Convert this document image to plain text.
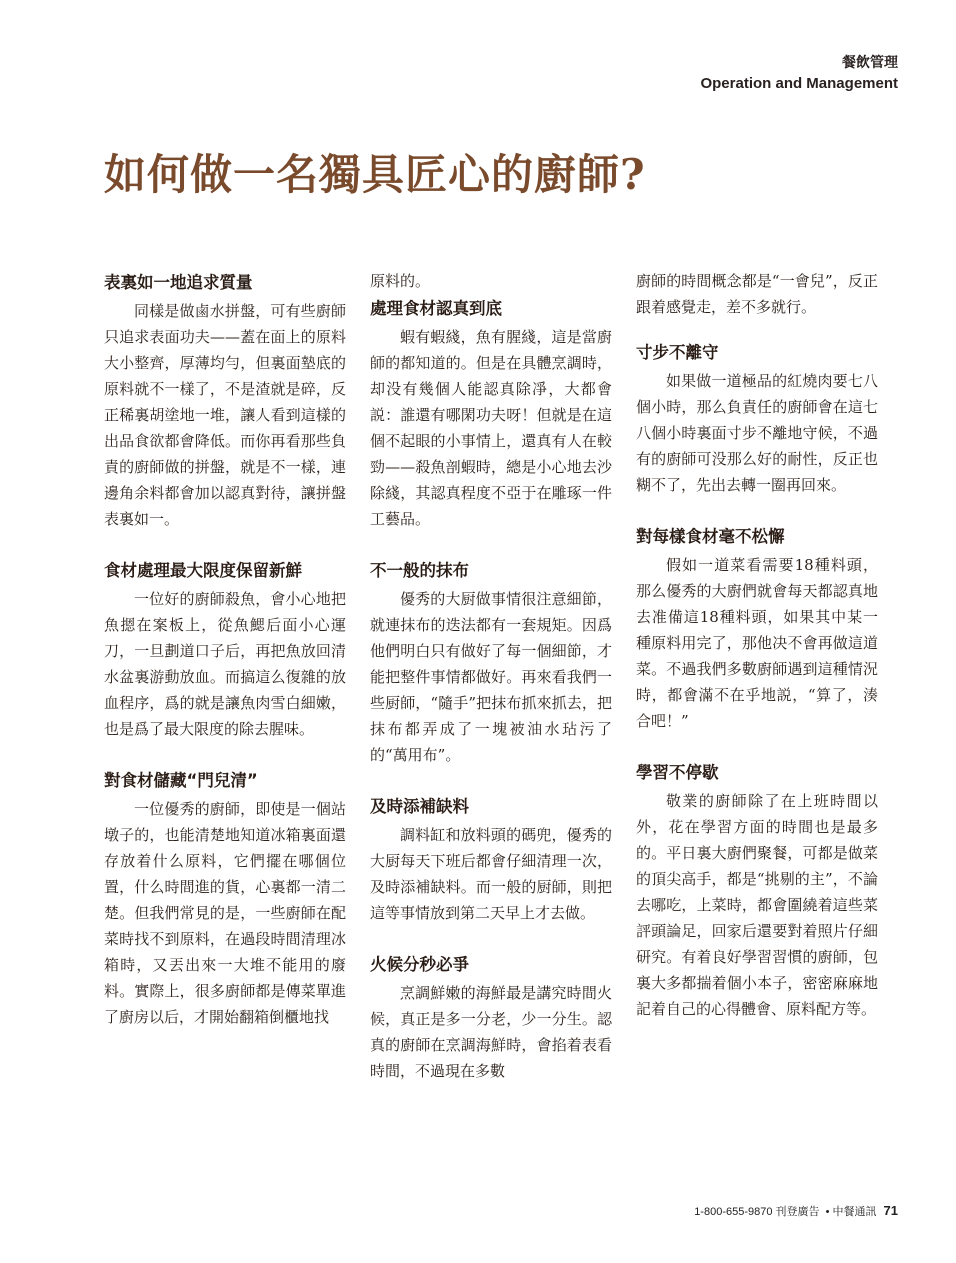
餐飲管理
Operation and Management
如何做一名獨具匠心的廚師?
表裏如一地追求質量
同樣是做鹵水拼盤，可有些廚師只追求表面功夫——蓋在面上的原料大小整齊，厚薄均勻，但裏面墊底的原料就不一樣了，不是渣就是碎，反正稀裏胡塗地一堆，讓人看到這樣的出品食欲都會降低。而你再看那些負責的廚師做的拼盤，就是不一樣，連邊角余料都會加以認真對待，讓拼盤表裏如一。
食材處理最大限度保留新鮮
一位好的廚師殺魚，會小心地把魚摁在案板上，從魚鰓后面小心運刀，一旦劃道口子后，再把魚放回清水盆裏游動放血。而搞這么復雜的放血程序，爲的就是讓魚肉雪白細嫩，也是爲了最大限度的除去腥味。
對食材儲藏“門兒清”
一位優秀的廚師，即使是一個站墩子的，也能清楚地知道冰箱裏面還存放着什么原料，它們擺在哪個位置，什么時間進的貨，心裏都一清二楚。但我們常見的是，一些廚師在配菜時找不到原料，在過段時間清理冰箱時，又丟出來一大堆不能用的廢料。實際上，很多廚師都是傳菜單進了廚房以后，才開始翻箱倒櫃地找
原料的。
處理食材認真到底
蝦有蝦綫，魚有腥綫，這是當廚師的都知道的。但是在具體烹調時，却没有幾個人能認真除凈，大都會説：誰還有哪閑功夫呀！但就是在這個不起眼的小事情上，還真有人在較勁——殺魚剖蝦時，總是小心地去沙除綫，其認真程度不亞于在雕琢一件工藝品。
不一般的抹布
優秀的大厨做事情很注意細節，就連抹布的迭法都有一套規矩。因爲他們明白只有做好了每一個細節，才能把整件事情都做好。再來看我們一些厨師，“隨手”把抹布抓來抓去，把抹布都弄成了一塊被油水玷污了的“萬用布”。
及時添補缺料
調料缸和放料頭的碼兜，優秀的大厨每天下班后都會仔細清理一次，及時添補缺料。而一般的厨師，則把這等事情放到第二天早上才去做。
火候分秒必爭
烹調鮮嫩的海鮮最是講究時間火候，真正是多一分老，少一分生。認真的廚師在烹調海鮮時，會掐着表看時間，不過現在多數
廚師的時間概念都是“一會兒”，反正跟着感覺走，差不多就行。
寸步不離守
如果做一道極品的紅燒肉要七八個小時，那么負責任的廚師會在這七八個小時裏面寸步不離地守候，不過有的廚師可没那么好的耐性，反正也糊不了，先出去轉一圈再回來。
對每樣食材毫不松懈
假如一道菜看需要18種料頭，那么優秀的大廚們就會每天都認真地去准備這18種料頭，如果其中某一種原料用完了，那他决不會再做這道菜。不過我們多數廚師遇到這種情況時，都會滿不在乎地説，“算了，湊合吧！”
學習不停歇
敬業的廚師除了在上班時間以外，花在學習方面的時間也是最多的。平日裏大廚們聚餐，可都是做菜的頂尖高手，都是“挑剔的主”，不論去哪吃，上菜時，都會圍繞着這些菜評頭論足，回家后還要對着照片仔細研究。有着良好學習習慣的廚師，包裏大多都揣着個小本子，密密麻麻地記着自己的心得體會、原料配方等。
1-800-655-9870 刊登廣告 • 中餐通訊 71
